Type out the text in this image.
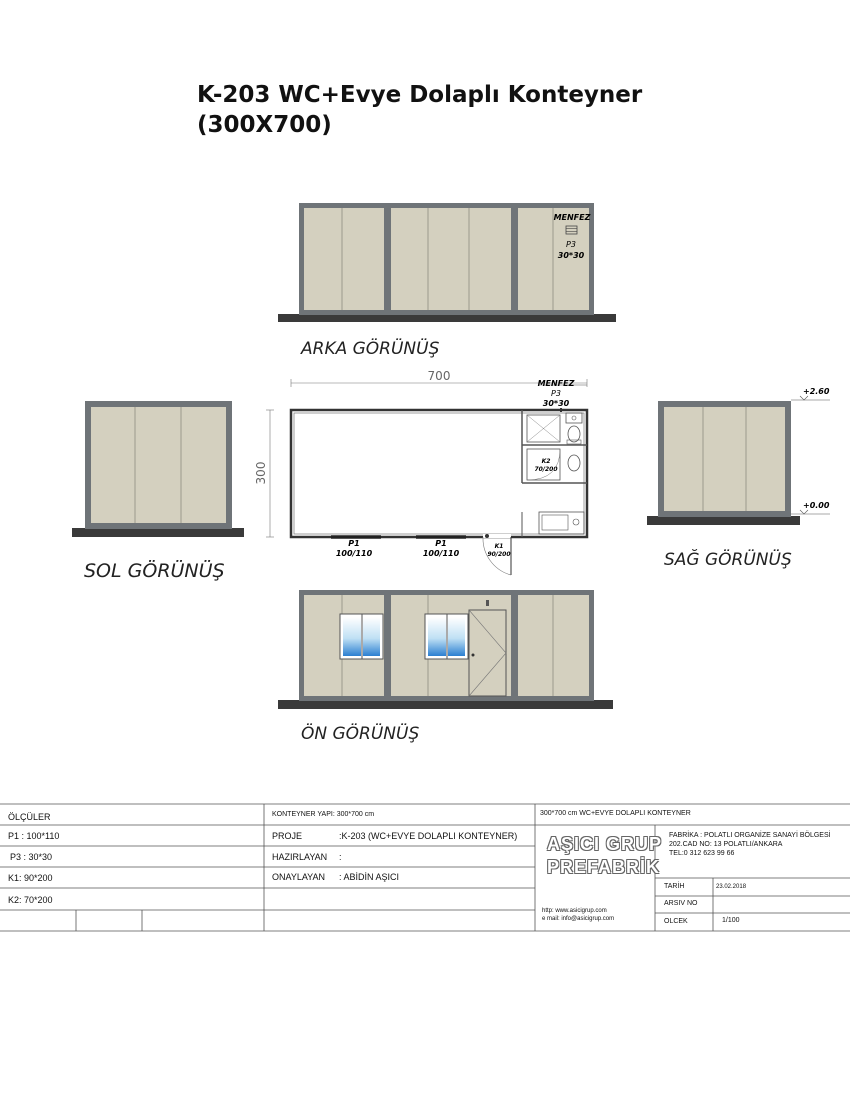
K-203 WC+Evye Dolaplı Konteyner
(300X700)
MENFEZ
P3
30*30
+2.60
+0.00
700
300
K2
70/200
P1
100/110
P1
100/110
K1
90/200
MENFEZ
P3
30*30
ARKA GÖRÜNÜŞ
SOL GÖRÜNÜŞ	SAĞ GÖRÜNÜŞ
ÖN GÖRÜNÜŞ
ÖLÇÜLER
P1 : 100*110
P3 : 30*30
K1: 90*200
K2: 70*200
KONTEYNER YAPI: 300*700 cm
PROJE	:K-203 (WC+EVYE DOLAPLI KONTEYNER)
HAZIRLAYAN :
ONAYLAYAN : ABİDİN AŞICI
300*700 cm WC+EVYE DOLAPLI KONTEYNER
AŞICI GRUP
PREFABRİK
http: www.asicigrup.com
e mail: info@asicigrup.com
FABRİKA : POLATLI ORGANİZE SANAYİ BÖLGESİ
202.CAD NO: 13 POLATLI/ANKARA
TEL:0 312 623 99 66
TARİH	23.02.2018
ARSIV NO
OLCEK	1/100
